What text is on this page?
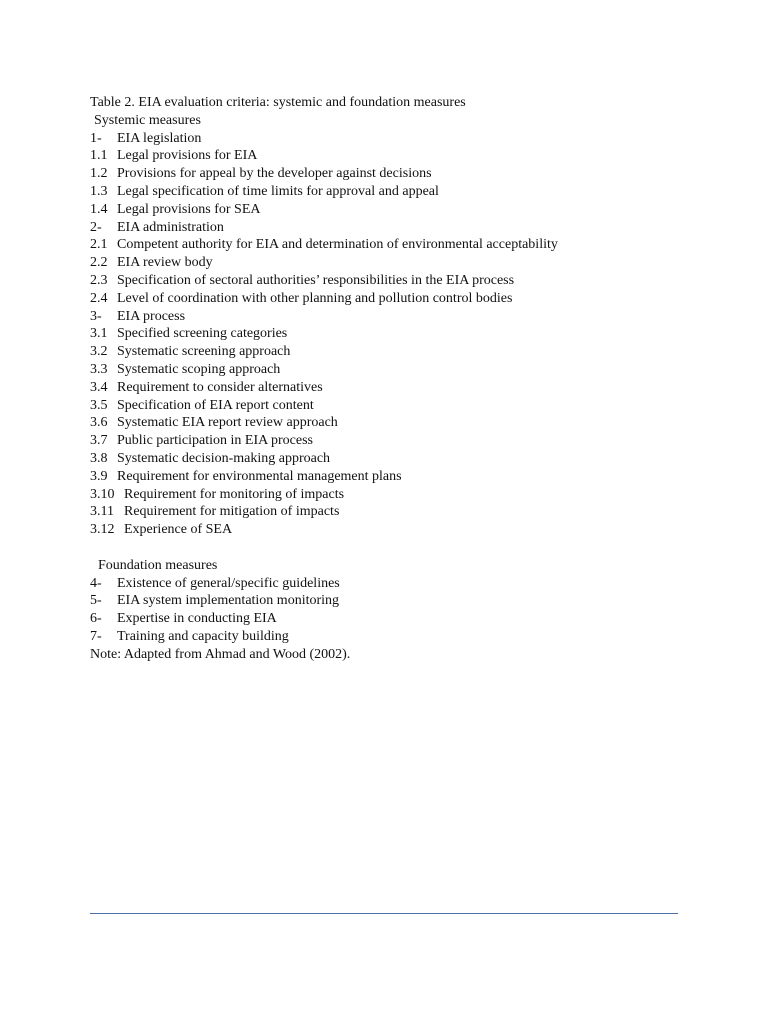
Table 2. EIA evaluation criteria: systemic and foundation measures
Systemic measures
1- EIA legislation
1.1 Legal provisions for EIA
1.2 Provisions for appeal by the developer against decisions
1.3 Legal specification of time limits for approval and appeal
1.4 Legal provisions for SEA
2- EIA administration
2.1 Competent authority for EIA and determination of environmental acceptability
2.2 EIA review body
2.3 Specification of sectoral authorities’ responsibilities in the EIA process
2.4 Level of coordination with other planning and pollution control bodies
3- EIA process
3.1 Specified screening categories
3.2 Systematic screening approach
3.3 Systematic scoping approach
3.4 Requirement to consider alternatives
3.5 Specification of EIA report content
3.6 Systematic EIA report review approach
3.7 Public participation in EIA process
3.8 Systematic decision-making approach
3.9 Requirement for environmental management plans
3.10 Requirement for monitoring of impacts
3.11 Requirement for mitigation of impacts
3.12 Experience of SEA
Foundation measures
4- Existence of general/specific guidelines
5- EIA system implementation monitoring
6- Expertise in conducting EIA
7- Training and capacity building
Note: Adapted from Ahmad and Wood (2002).
